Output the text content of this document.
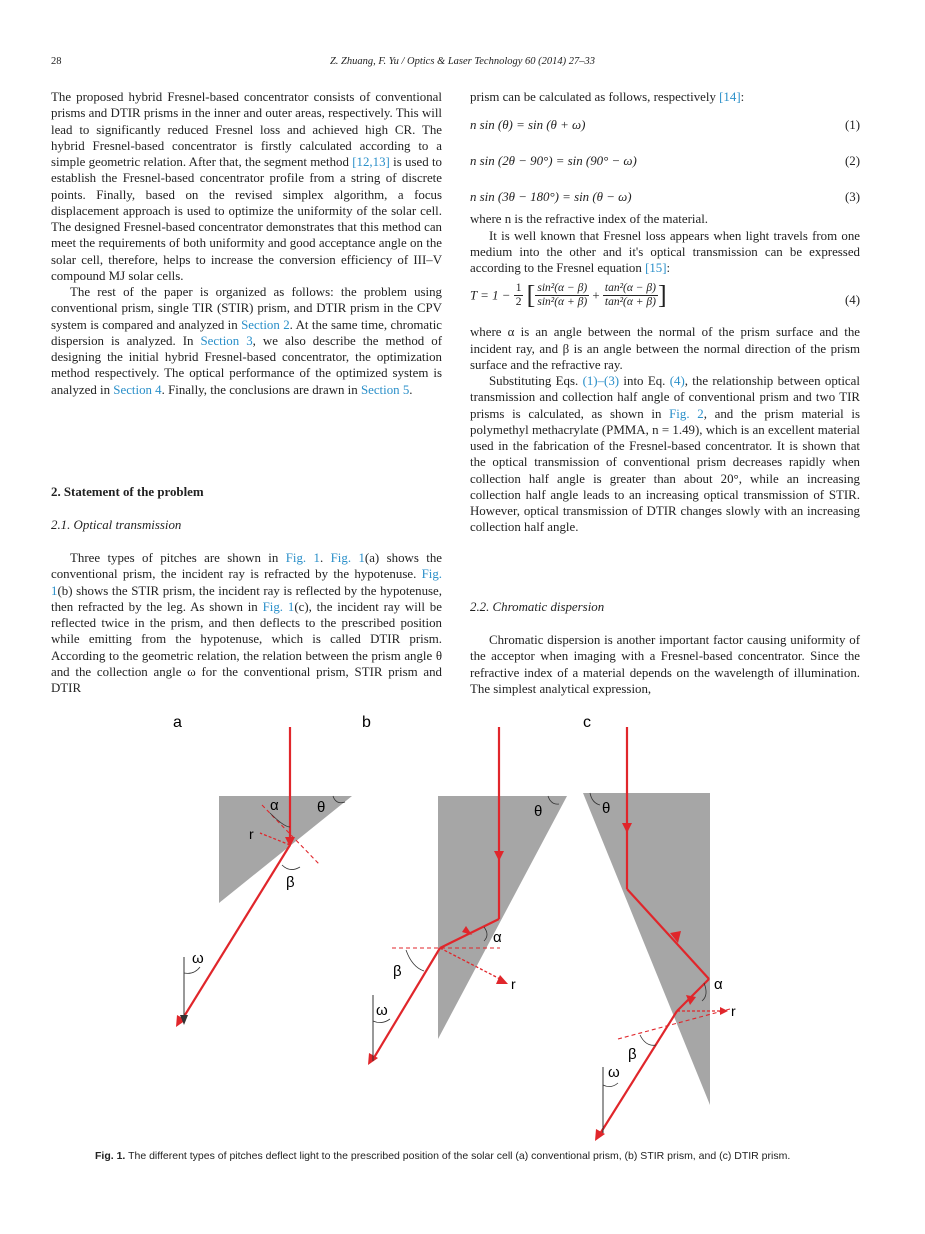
28	Z. Zhuang, F. Yu / Optics & Laser Technology 60 (2014) 27–33

The proposed hybrid Fresnel-based concentrator consists of conventional prisms and DTIR prisms in the inner and outer areas, respectively. This will lead to significantly reduced Fresnel loss and achieved high CR. The hybrid Fresnel-based concentrator is firstly calculated according to a simple geometric relation. After that, the segment method [12,13] is used to establish the Fresnel-based concentrator profile from a string of discrete points. Finally, based on the revised simplex algorithm, a focus displacement approach is used to optimize the uniformity of the solar cell. The designed Fresnel-based concentrator demonstrates that this method can meet the requirements of both uniformity and good acceptance angle on the solar cell, therefore, helps to increase the conversion efficiency of III–V compound MJ solar cells.

The rest of the paper is organized as follows: the problem using conventional prism, single TIR (STIR) prism, and DTIR prism in the CPV system is compared and analyzed in Section 2. At the same time, chromatic dispersion is analyzed. In Section 3, we also describe the method of designing the initial hybrid Fresnel-based concentrator, the optimization method respectively. The optical performance of the optimized system is analyzed in Section 4. Finally, the conclusions are drawn in Section 5.

2. Statement of the problem
2.1. Optical transmission

Three types of pitches are shown in Fig. 1. Fig. 1(a) shows the conventional prism, the incident ray is refracted by the hypotenuse. Fig. 1(b) shows the STIR prism, the incident ray is reflected by the hypotenuse, then refracted by the leg. As shown in Fig. 1(c), the incident ray will be reflected twice in the prism, and then deflects to the prescribed position while emitting from the hypotenuse, which is called DTIR prism. According to the geometric relation, the relation between the prism angle θ and the collection angle ω for the conventional prism, STIR prism and DTIR

prism can be calculated as follows, respectively [14]:

n sin (θ) = sin (θ + ω)	(1)
n sin (2θ − 90°) = sin (90° − ω)	(2)
n sin (3θ − 180°) = sin (θ − ω)	(3)

where n is the refractive index of the material.

It is well known that Fresnel loss appears when light travels from one medium into the other and it's optical transmission can be expressed according to the Fresnel equation [15]:

$T = 1 - \frac{1}{2}$ [ $\frac{\text{sin²(α − β)}}{\text{sin²(α + β)}} + \frac{\text{tan²(α − β)}}{\text{tan²(α + β)}}$ ]	(4)

where α is an angle between the normal of the prism surface and the incident ray, and β is an angle between the normal direction of the prism surface and the refractive ray.

Substituting Eqs. (1)–(3) into Eq. (4), the relationship between optical transmission and collection half angle of conventional prism and two TIR prisms is calculated, as shown in Fig. 2, and the prism material is polymethyl methacrylate (PMMA, n = 1.49), which is an excellent material used in the fabrication of the Fresnel-based concentrator. It is shown that the optical transmission of conventional prism decreases rapidly when collection half angle is greater than about 20°, while an increasing collection half angle leads to an increasing optical transmission of STIR. However, optical transmission of DTIR changes slowly with an increasing collection half angle.

2.2. Chromatic dispersion

Chromatic dispersion is another important factor causing uniformity of the acceptor when imaging with a Fresnel-based concentrator. Since the refractive index of a material depends on the wavelength of illumination. The simplest analytical expression,

a	b	c
α	θ
r
β
ω
r
α
θ
β
ω	r
α
θ
β
ω
Fig. 1. The different types of pitches deflect light to the prescribed position of the solar cell (a) conventional prism, (b) STIR prism, and (c) DTIR prism.
